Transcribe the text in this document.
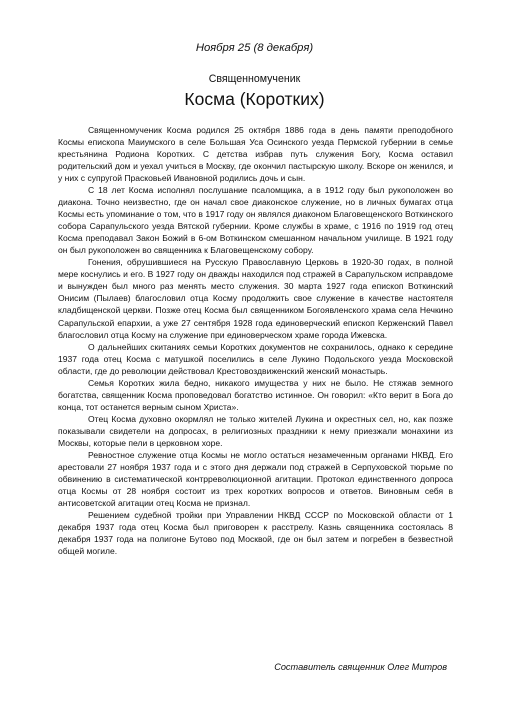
Ноября 25 (8 декабря)
Священномученик
Косма (Коротких)

Священномученик Косма родился 25 октября 1886 года в день памяти преподобного Космы епископа Маиумского в селе Большая Уса Осинского уезда Пермской губернии в семье крестьянина Родиона Коротких. С детства избрав путь служения Богу, Косма оставил родительский дом и уехал учиться в Москву, где окончил пастырскую школу. Вскоре он женился, и у них с супругой Прасковьей Ивановной родились дочь и сын.

С 18 лет Косма исполнял послушание псаломщика, а в 1912 году был рукоположен во диакона. Точно неизвестно, где он начал свое диаконское служение, но в личных бумагах отца Космы есть упоминание о том, что в 1917 году он являлся диаконом Благовещенского Воткинского собора Сарапульского уезда Вятской губернии. Кроме службы в храме, с 1916 по 1919 год отец Косма преподавал Закон Божий в 6-ом Воткинском смешанном начальном училище. В 1921 году он был рукоположен во священника к Благовещенскому собору.

Гонения, обрушившиеся на Русскую Православную Церковь в 1920-30 годах, в полной мере коснулись и его. В 1927 году он дважды находился под стражей в Сарапульском исправдоме и вынужден был много раз менять место служения. 30 марта 1927 года епископ Воткинский Онисим (Пылаев) благословил отца Косму продолжить свое служение в качестве настоятеля кладбищенской церкви. Позже отец Косма был священником Богоявленского храма села Нечкино Сарапульской епархии, а уже 27 сентября 1928 года единоверческий епископ Керженский Павел благословил отца Косму на служение при единоверческом храме города Ижевска.

О дальнейших скитаниях семьи Коротких документов не сохранилось, однако к середине 1937 года отец Косма с матушкой поселились в селе Лукино Подольского уезда Московской области, где до революции действовал Крестовоздвиженский женский монастырь.

Семья Коротких жила бедно, никакого имущества у них не было. Не стяжав земного богатства, священник Косма проповедовал богатство истинное. Он говорил: «Кто верит в Бога до конца, тот останется верным сыном Христа».

Отец Косма духовно окормлял не только жителей Лукина и окрестных сел, но, как позже показывали свидетели на допросах, в религиозных праздники к нему приезжали монахини из Москвы, которые пели в церковном хоре.

Ревностное служение отца Космы не могло остаться незамеченным органами НКВД. Его арестовали 27 ноября 1937 года и с этого дня держали под стражей в Серпуховской тюрьме по обвинению в систематической контрреволюционной агитации. Протокол единственного допроса отца Космы от 28 ноября состоит из трех коротких вопросов и ответов. Виновным себя в антисоветской агитации отец Косма не признал.

Решением судебной тройки при Управлении НКВД СССР по Московской области от 1 декабря 1937 года отец Косма был приговорен к расстрелу. Казнь священника состоялась 8 декабря 1937 года на полигоне Бутово под Москвой, где он был затем и погребен в безвестной общей могиле.

Составитель священник Олег Митров
